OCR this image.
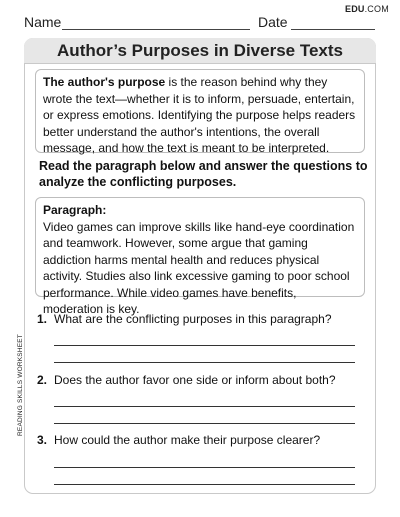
Name	Date
EDU.COM
Author’s Purposes in Diverse Texts
The author's purpose is the reason behind why they wrote the text—whether it is to inform, persuade, entertain, or express emotions. Identifying the purpose helps readers better understand the author's intentions, the overall message, and how the text is meant to be interpreted.
Read the paragraph below and answer the questions to analyze the conflicting purposes.
Paragraph:
Video games can improve skills like hand-eye coordination and teamwork. However, some argue that gaming addiction harms mental health and reduces physical activity. Studies also link excessive gaming to poor school performance. While video games have benefits, moderation is key.
1. What are the conflicting purposes in this paragraph?
2. Does the author favor one side or inform about both?
3. How could the author make their purpose clearer?
READING SKILLS WORKSHEET
